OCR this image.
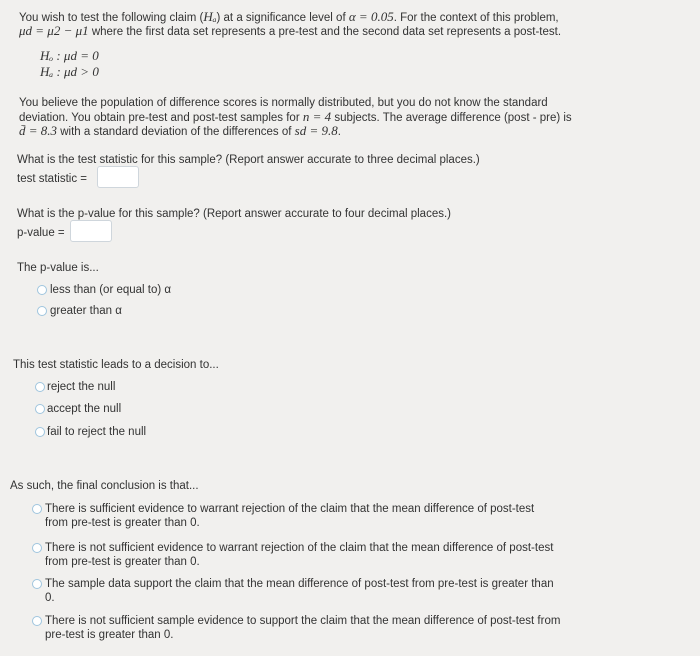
You wish to test the following claim (Hₐ) at a significance level of α = 0.05. For the context of this problem,
μd = μ2 − μ1 where the first data set represents a pre-test and the second data set represents a post-test.
Hₒ : μd = 0
Hₐ : μd > 0
You believe the population of difference scores is normally distributed, but you do not know the standard
deviation. You obtain pre-test and post-test samples for n = 4 subjects. The average difference (post - pre) is
d̄ = 8.3 with a standard deviation of the differences of sd = 9.8.
What is the test statistic for this sample? (Report answer accurate to three decimal places.)
test statistic =
What is the p-value for this sample? (Report answer accurate to four decimal places.)
p-value =
The p-value is...
less than (or equal to) α
greater than α
This test statistic leads to a decision to...
reject the null
accept the null
fail to reject the null
As such, the final conclusion is that...
There is sufficient evidence to warrant rejection of the claim that the mean difference of post-test
from pre-test is greater than 0.
There is not sufficient evidence to warrant rejection of the claim that the mean difference of post-test
from pre-test is greater than 0.
The sample data support the claim that the mean difference of post-test from pre-test is greater than
0.
There is not sufficient sample evidence to support the claim that the mean difference of post-test from
pre-test is greater than 0.
